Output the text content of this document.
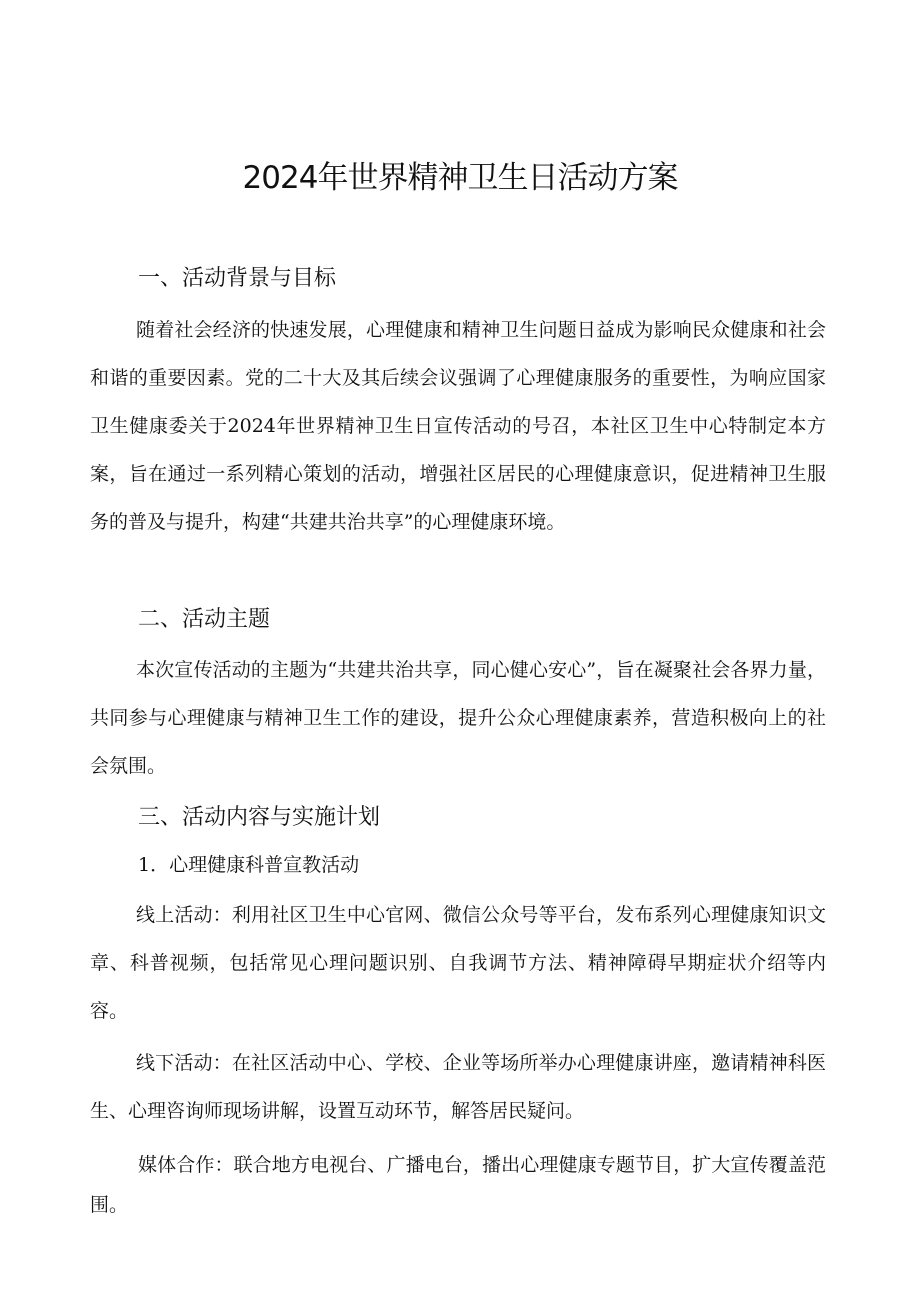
2024年世界精神卫生日活动方案
一、活动背景与目标
随着社会经济的快速发展，心理健康和精神卫生问题日益成为影响民众健康和社会和谐的重要因素。党的二十大及其后续会议强调了心理健康服务的重要性，为响应国家卫生健康委关于2024年世界精神卫生日宣传活动的号召，本社区卫生中心特制定本方案，旨在通过一系列精心策划的活动，增强社区居民的心理健康意识，促进精神卫生服务的普及与提升，构建“共建共治共享”的心理健康环境。
二、活动主题
本次宣传活动的主题为“共建共治共享，同心健心安心”，旨在凝聚社会各界力量，共同参与心理健康与精神卫生工作的建设，提升公众心理健康素养，营造积极向上的社会氛围。
三、活动内容与实施计划
1．心理健康科普宣教活动
线上活动：利用社区卫生中心官网、微信公众号等平台，发布系列心理健康知识文章、科普视频，包括常见心理问题识别、自我调节方法、精神障碍早期症状介绍等内容。
线下活动：在社区活动中心、学校、企业等场所举办心理健康讲座，邀请精神科医生、心理咨询师现场讲解，设置互动环节，解答居民疑问。
媒体合作：联合地方电视台、广播电台，播出心理健康专题节目，扩大宣传覆盖范围。
